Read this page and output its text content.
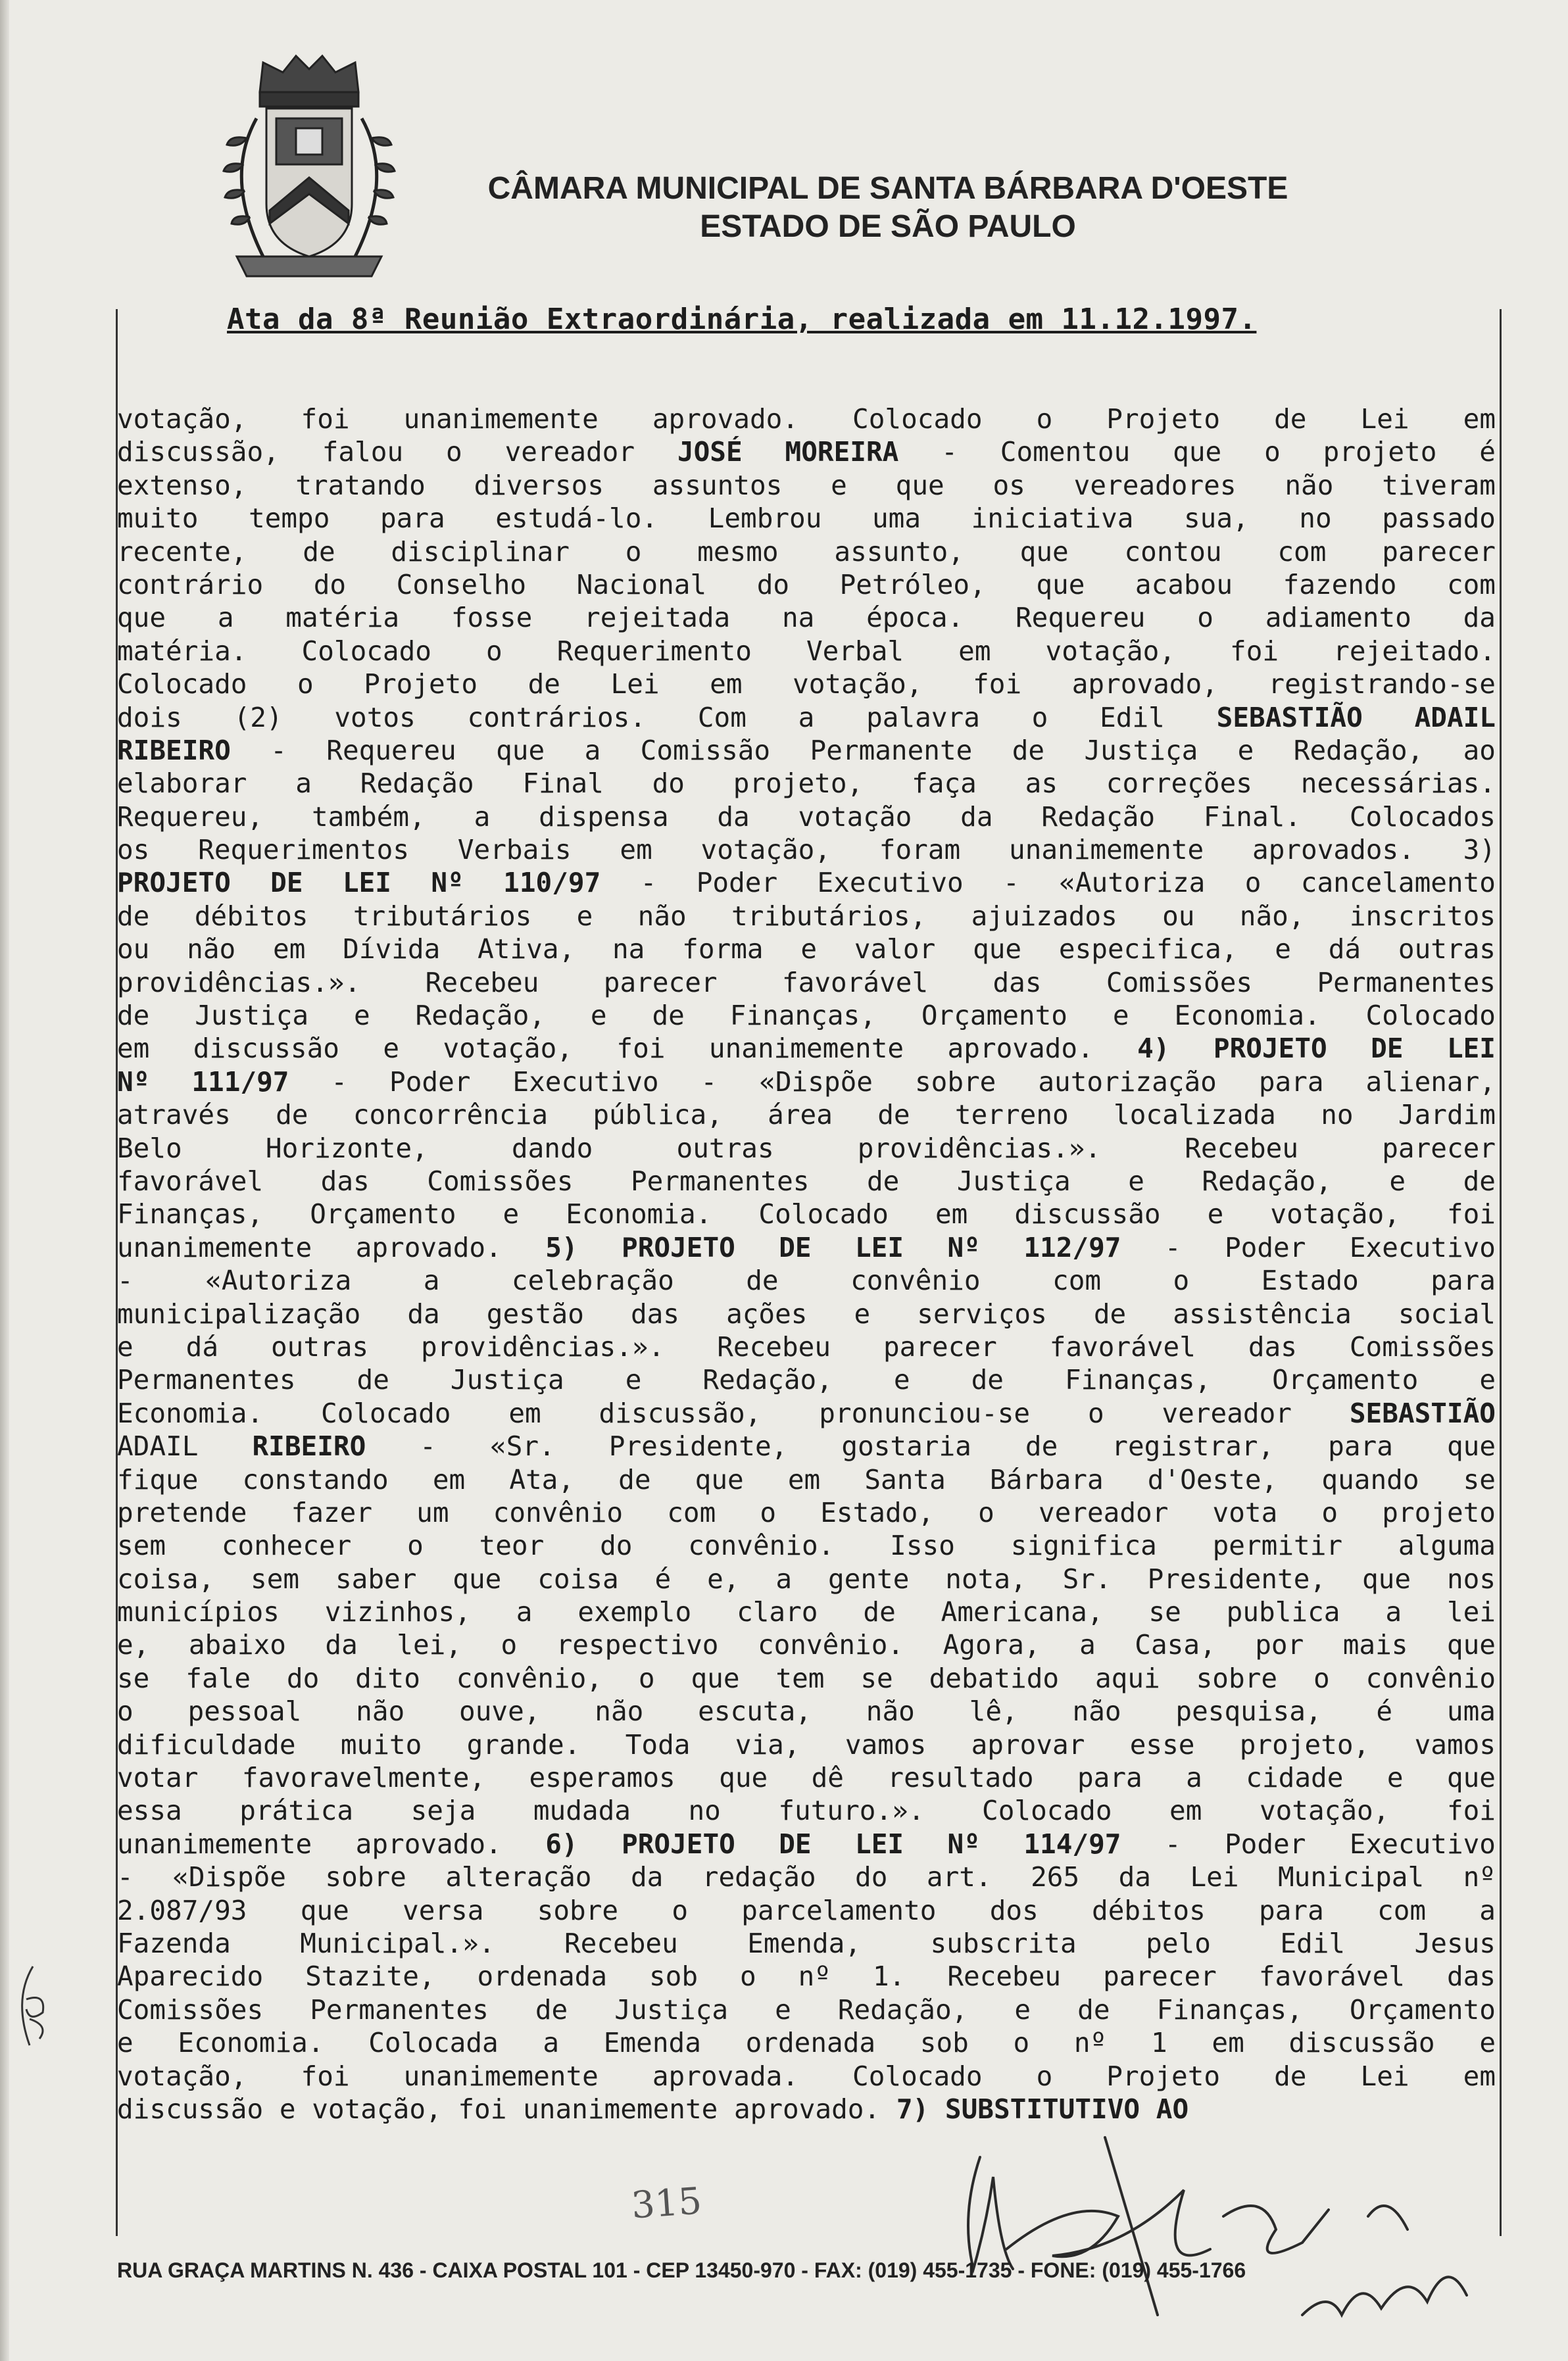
CÂMARA MUNICIPAL DE SANTA BÁRBARA D'OESTE
ESTADO DE SÃO PAULO
Ata da 8ª Reunião Extraordinária, realizada em 11.12.1997.
votação, foi unanimemente aprovado. Colocado o Projeto de Lei em
discussão, falou o vereador JOSÉ MOREIRA - Comentou que o projeto é
extenso, tratando diversos assuntos e que os vereadores não tiveram
muito tempo para estudá-lo. Lembrou uma iniciativa sua, no passado
recente, de disciplinar o mesmo assunto, que contou com parecer
contrário do Conselho Nacional do Petróleo, que acabou fazendo com
que a matéria fosse rejeitada na época. Requereu o adiamento da
matéria. Colocado o Requerimento Verbal em votação, foi rejeitado.
Colocado o Projeto de Lei em votação, foi aprovado, registrando-se
dois (2) votos contrários. Com a palavra o Edil SEBASTIÃO ADAIL
RIBEIRO - Requereu que a Comissão Permanente de Justiça e Redação, ao
elaborar a Redação Final do projeto, faça as correções necessárias.
Requereu, também, a dispensa da votação da Redação Final. Colocados
os Requerimentos Verbais em votação, foram unanimemente aprovados. 3)
PROJETO DE LEI Nº 110/97 - Poder Executivo - «Autoriza o cancelamento
de débitos tributários e não tributários, ajuizados ou não, inscritos
ou não em Dívida Ativa, na forma e valor que especifica, e dá outras
providências.». Recebeu parecer favorável das Comissões Permanentes
de Justiça e Redação, e de Finanças, Orçamento e Economia. Colocado
em discussão e votação, foi unanimemente aprovado. 4) PROJETO DE LEI
Nº 111/97 - Poder Executivo - «Dispõe sobre autorização para alienar,
através de concorrência pública, área de terreno localizada no Jardim
Belo Horizonte, dando outras providências.». Recebeu parecer
favorável das Comissões Permanentes de Justiça e Redação, e de
Finanças, Orçamento e Economia. Colocado em discussão e votação, foi
unanimemente aprovado. 5) PROJETO DE LEI Nº 112/97 - Poder Executivo
- «Autoriza a celebração de convênio com o Estado para
municipalização da gestão das ações e serviços de assistência social
e dá outras providências.». Recebeu parecer favorável das Comissões
Permanentes de Justiça e Redação, e de Finanças, Orçamento e
Economia. Colocado em discussão, pronunciou-se o vereador SEBASTIÃO
ADAIL RIBEIRO - «Sr. Presidente, gostaria de registrar, para que
fique constando em Ata, de que em Santa Bárbara d'Oeste, quando se
pretende fazer um convênio com o Estado, o vereador vota o projeto
sem conhecer o teor do convênio. Isso significa permitir alguma
coisa, sem saber que coisa é e, a gente nota, Sr. Presidente, que nos
municípios vizinhos, a exemplo claro de Americana, se publica a lei
e, abaixo da lei, o respectivo convênio. Agora, a Casa, por mais que
se fale do dito convênio, o que tem se debatido aqui sobre o convênio
o pessoal não ouve, não escuta, não lê, não pesquisa, é uma
dificuldade muito grande. Toda via, vamos aprovar esse projeto, vamos
votar favoravelmente, esperamos que dê resultado para a cidade e que
essa prática seja mudada no futuro.». Colocado em votação, foi
unanimemente aprovado. 6) PROJETO DE LEI Nº 114/97 - Poder Executivo
- «Dispõe sobre alteração da redação do art. 265 da Lei Municipal nº
2.087/93 que versa sobre o parcelamento dos débitos para com a
Fazenda Municipal.». Recebeu Emenda, subscrita pelo Edil Jesus
Aparecido Stazite, ordenada sob o nº 1. Recebeu parecer favorável das
Comissões Permanentes de Justiça e Redação, e de Finanças, Orçamento
e Economia. Colocada a Emenda ordenada sob o nº 1 em discussão e
votação, foi unanimemente aprovada. Colocado o Projeto de Lei em
discussão e votação, foi unanimemente aprovado. 7) SUBSTITUTIVO AO
315
RUA GRAÇA MARTINS N. 436 - CAIXA POSTAL 101 - CEP 13450-970 - FAX: (019) 455-1735 - FONE: (019) 455-1766
